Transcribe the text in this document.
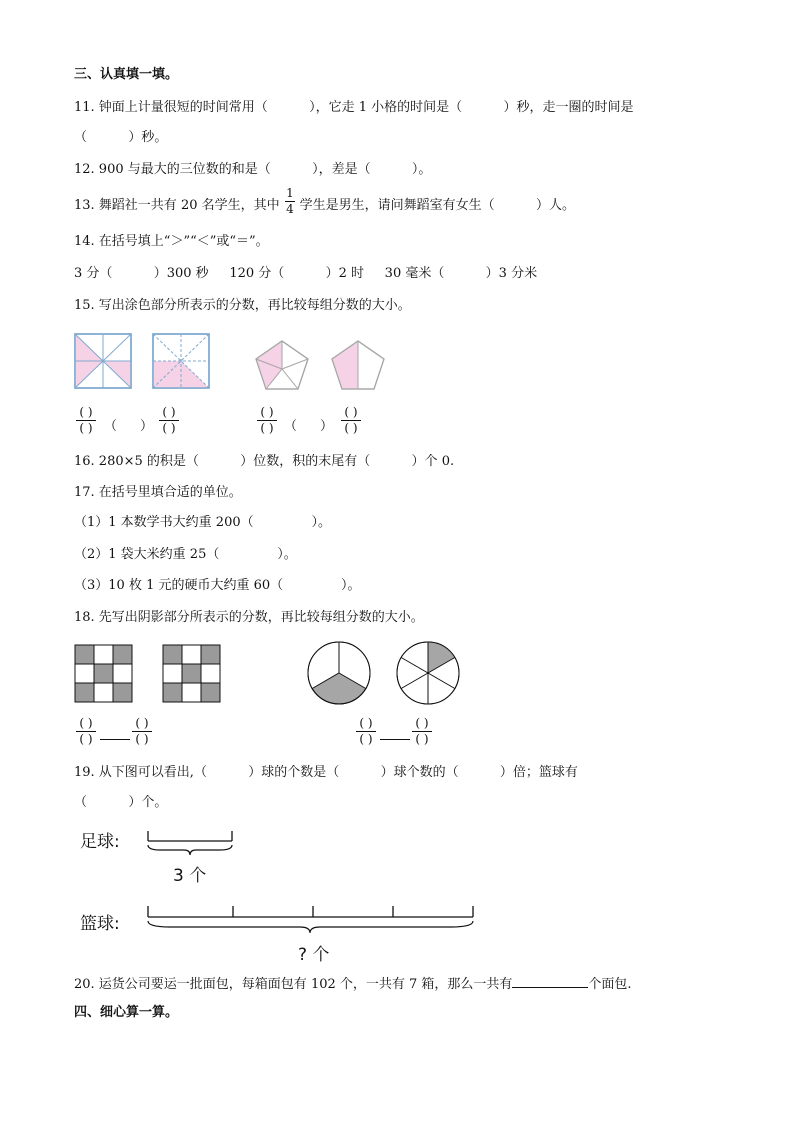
三、认真填一填。
11. 钟面上计量很短的时间常用（          ），它走 1 小格的时间是（          ）秒，走一圈的时间是
（          ）秒。
12. 900 与最大的三位数的和是（          ），差是（          ）。
13. 舞蹈社一共有 20 名学生，其中 学生是男生，请问舞蹈室有女生（          ）人。
1
4
14. 在括号填上“＞”“＜”或“＝”。
3 分（          ）300 秒     120 分（          ）2 时     30 毫米（          ）3 分米
15. 写出涂色部分所表示的分数，再比较每组分数的大小。
( )
( ) （ ）
( )
( )
( )
( ) （ ）
( )
( )
16. 280×5 的积是（          ）位数，积的末尾有（          ）个 0.
17. 在括号里填合适的单位。
（1）1 本数学书大约重 200（              ）。
（2）1 袋大米约重 25（              ）。
（3）10 枚 1 元的硬币大约重 60（              ）。
18. 先写出阴影部分所表示的分数，再比较每组分数的大小。
( )
( )
( )
( )
( )
( )
( )
( )
19. 从下图可以看出,（          ）球的个数是（          ）球个数的（          ）倍；篮球有
（          ）个。
足球:
3 个
篮球:
? 个
20. 运货公司要运一批面包，每箱面包有 102 个，一共有 7 箱，那么一共有	个面包.
四、细心算一算。
